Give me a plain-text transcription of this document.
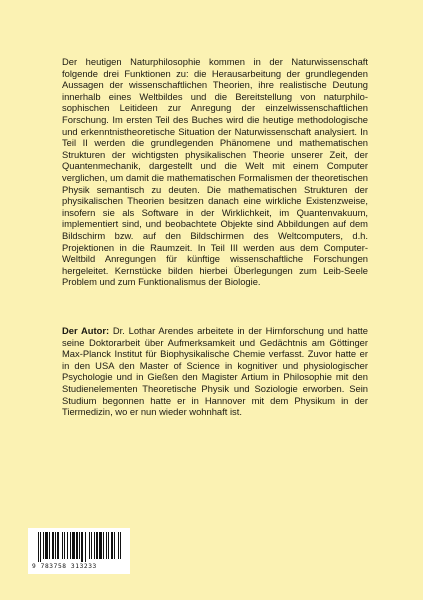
Der heutigen Naturphilosophie kommen in der Naturwissenschaft folgende drei Funktionen zu: die Herausarbeitung der grundlegenden Aussagen der wissenschaftlichen Theorien, ihre realistische Deutung innerhalb eines Weltbildes und die Bereitstellung von naturphilo-sophischen Leitideen zur Anregung der einzelwissenschaftlichen Forschung. Im ersten Teil des Buches wird die heutige methodologische und erkenntnistheoretische Situation der Naturwissenschaft analysiert. In Teil II werden die grundlegenden Phänomene und mathematischen Strukturen der wichtigsten physikalischen Theorie unserer Zeit, der Quantenmechanik, dargestellt und die Welt mit einem Computer verglichen, um damit die mathematischen Formalismen der theoretischen Physik semantisch zu deuten. Die mathematischen Strukturen der physikalischen Theorien besitzen danach eine wirkliche Existenzweise, insofern sie als Software in der Wirklichkeit, im Quantenvakuum, implementiert sind, und beobachtete Objekte sind Abbildungen auf dem Bildschirm bzw. auf den Bildschirmen des Weltcomputers, d.h. Projektionen in die Raumzeit. In Teil III werden aus dem Computer- Weltbild Anregungen für künftige wissenschaftliche Forschungen hergeleitet. Kernstücke bilden hierbei Überlegungen zum Leib-Seele Problem und zum Funktionalismus der Biologie.

Der Autor: Dr. Lothar Arendes arbeitete in der Hirnforschung und hatte seine Doktorarbeit über Aufmerksamkeit und Gedächtnis am Göttinger Max-Planck Institut für Biophysikalische Chemie verfasst. Zuvor hatte er in den USA den Master of Science in kognitiver und physiologischer Psychologie und in Gießen den Magister Artium in Philosophie mit den Studienelementen Theoretische Physik und Soziologie erworben. Sein Studium begonnen hatte er in Hannover mit dem Physikum in der Tiermedizin, wo er nun wieder wohnhaft ist.

9 783758 313233
